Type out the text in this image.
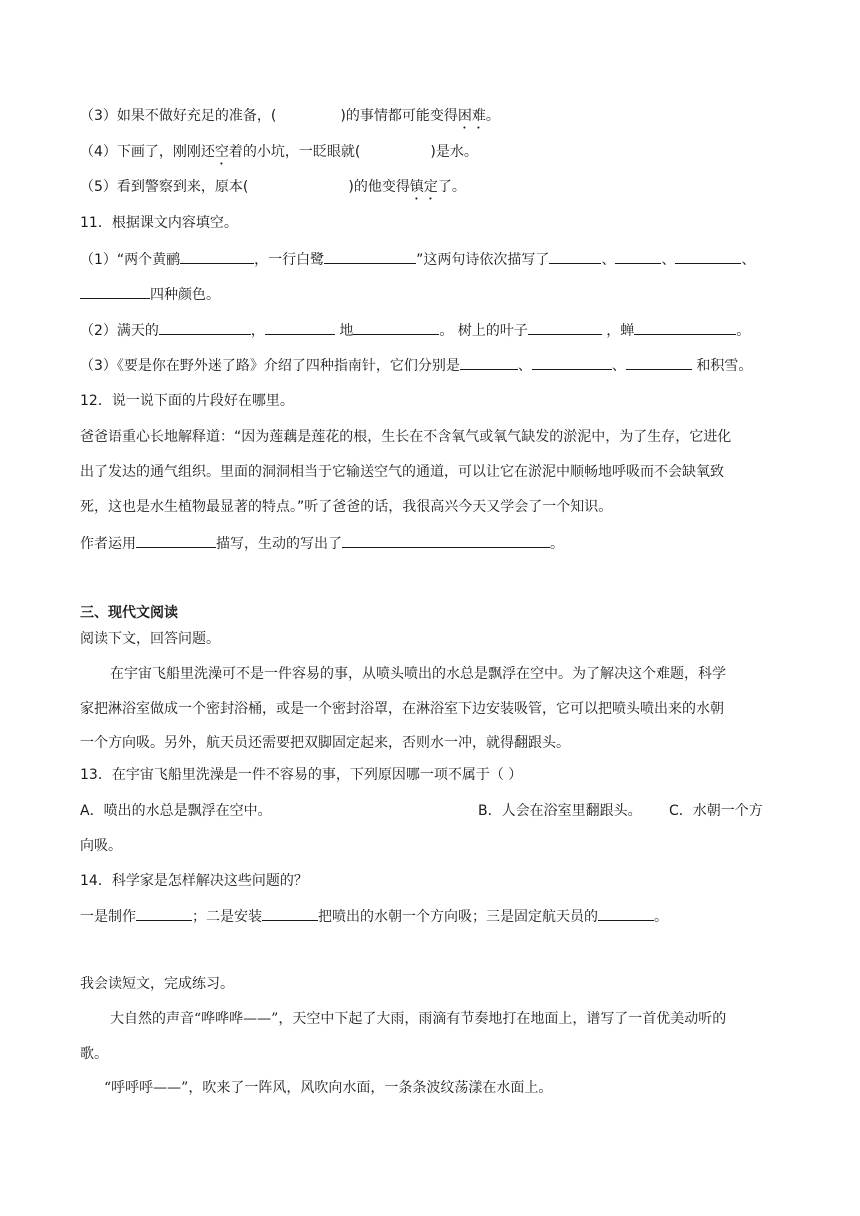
（3）如果不做好充足的准备，(	)的事情都可能变得困难。
（4）下画了，刚刚还空着的小坑，一眨眼就(	)是水。
（5）看到警察到来，原本(	)的他变得镇定了。
11．根据课文内容填空。
（1）“两个黄鹂	，一行白鹭	”这两句诗依次描写了	、	、	、
四种颜色。
（2）满天的	，	地	。 树上的叶子	，蝉	。
（3）《要是你在野外迷了路》介绍了四种指南针，它们分别是	、	、	和积雪。
12．说一说下面的片段好在哪里。
爸爸语重心长地解释道：“因为莲藕是莲花的根，生长在不含氧气或氧气缺发的淤泥中，为了生存，它进化
出了发达的通气组织。里面的洞洞相当于它输送空气的通道，可以让它在淤泥中顺畅地呼吸而不会缺氧致
死，这也是水生植物最显著的特点。”听了爸爸的话，我很高兴今天又学会了一个知识。
作者运用	描写，生动的写出了	。
三、现代文阅读
阅读下文，回答问题。
在宇宙飞船里洗澡可不是一件容易的事，从喷头喷出的水总是飘浮在空中。为了解决这个难题，科学
家把淋浴室做成一个密封浴桶，或是一个密封浴罩，在淋浴室下边安装吸管，它可以把喷头喷出来的水朝
一个方向吸。另外，航天员还需要把双脚固定起来，否则水一冲，就得翻跟头。
13．在宇宙飞船里洗澡是一件不容易的事，下列原因哪一项不属于（ ）
A．喷出的水总是飘浮在空中。	B．人会在浴室里翻跟头。 C．水朝一个方
向吸。
14．科学家是怎样解决这些问题的？
一是制作	；二是安装	把喷出的水朝一个方向吸；三是固定航天员的	。
我会读短文，完成练习。
大自然的声音“哗哗哗——”，天空中下起了大雨，雨滴有节奏地打在地面上，谱写了一首优美动听的
歌。
“呼呼呼——”，吹来了一阵风，风吹向水面，一条条波纹荡漾在水面上。
